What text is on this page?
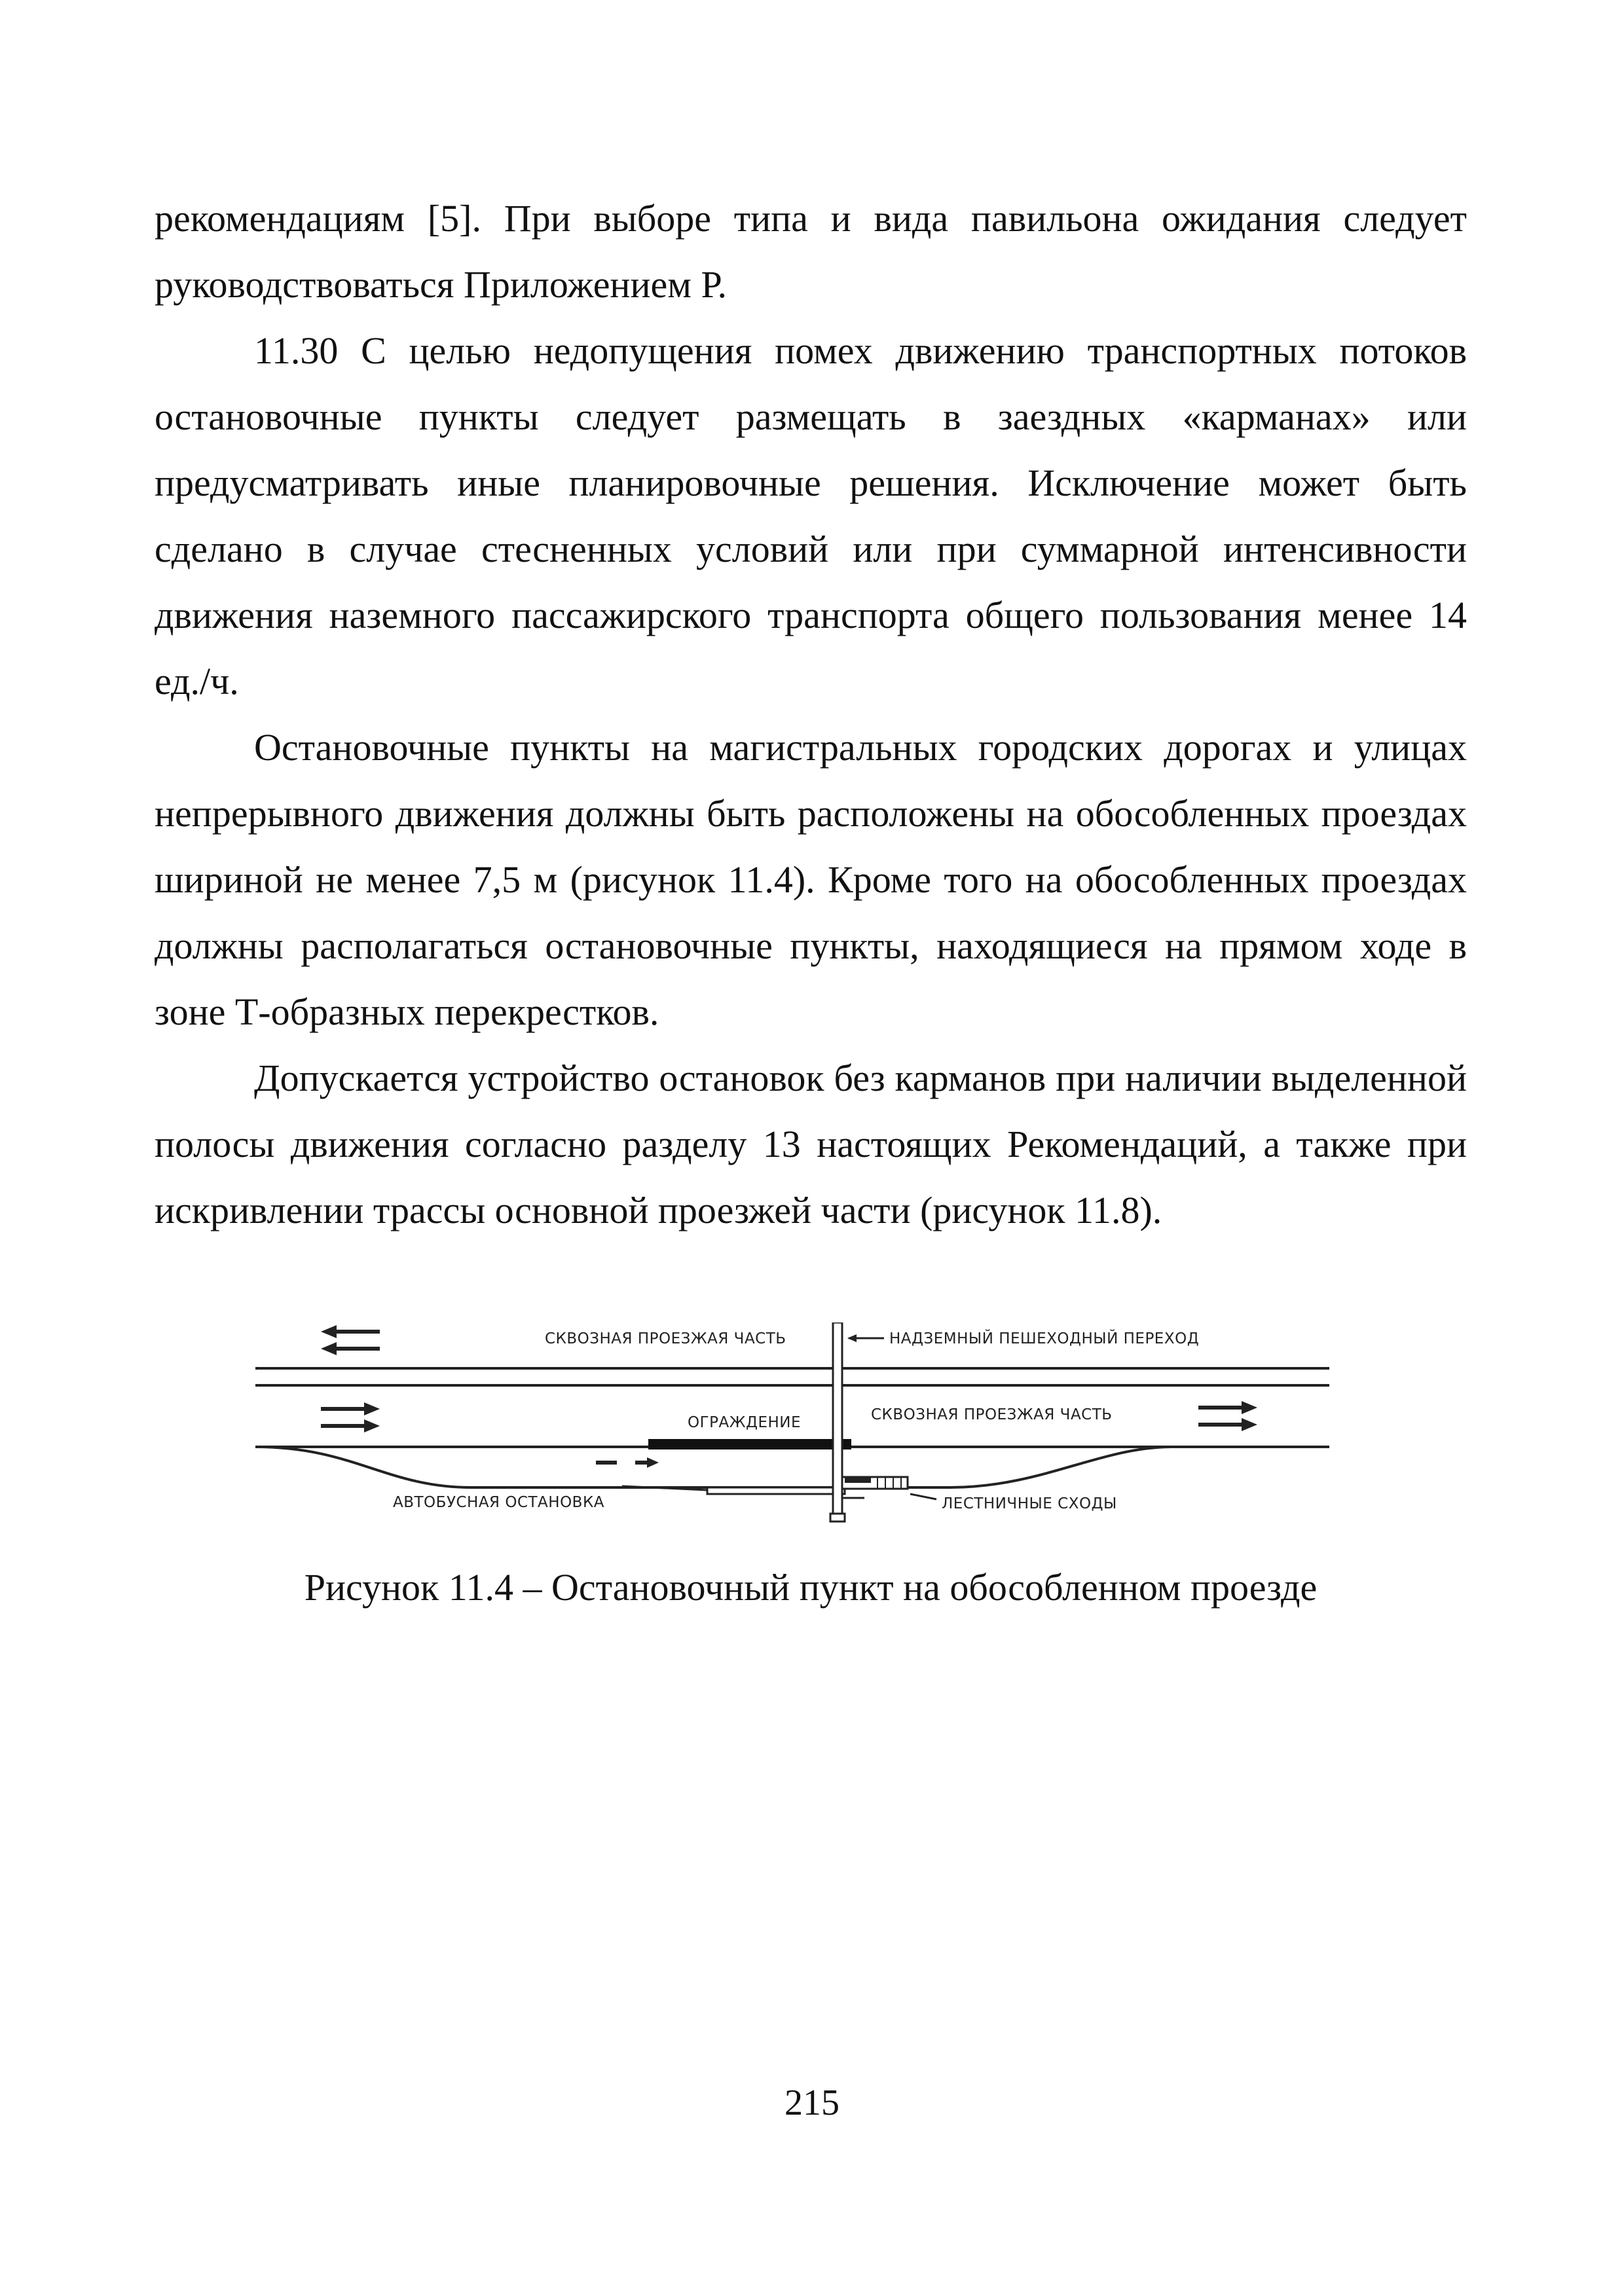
рекомендациям [5]. При выборе типа и вида павильона ожидания следует руководствоваться Приложением Р.

11.30 С целью недопущения помех движению транспортных потоков остановочные пункты следует размещать в заездных «карманах» или предусматривать иные планировочные решения. Исключение может быть сделано в случае стесненных условий или при суммарной интенсивности движения наземного пассажирского транспорта общего пользования менее 14 ед./ч.

Остановочные пункты на магистральных городских дорогах и улицах непрерывного движения должны быть расположены на обособленных проездах шириной не менее 7,5 м (рисунок 11.4). Кроме того на обособленных проездах должны располагаться остановочные пункты, находящиеся на прямом ходе в зоне Т-образных перекрестков.

Допускается устройство остановок без карманов при наличии выделенной полосы движения согласно разделу 13 настоящих Рекомендаций, а также при искривлении трассы основной проезжей части (рисунок 11.8).

СКВОЗНАЯ ПРОЕЗЖАЯ ЧАСТЬ	НАДЗЕМНЫЙ ПЕШЕХОДНЫЙ ПЕРЕХОД
ОГРАЖДЕНИЕ	СКВОЗНАЯ ПРОЕЗЖАЯ ЧАСТЬ
АВТОБУСНАЯ ОСТАНОВКА	ЛЕСТНИЧНЫЕ СХОДЫ
Рисунок 11.4 – Остановочный пункт на обособленном проезде
215
